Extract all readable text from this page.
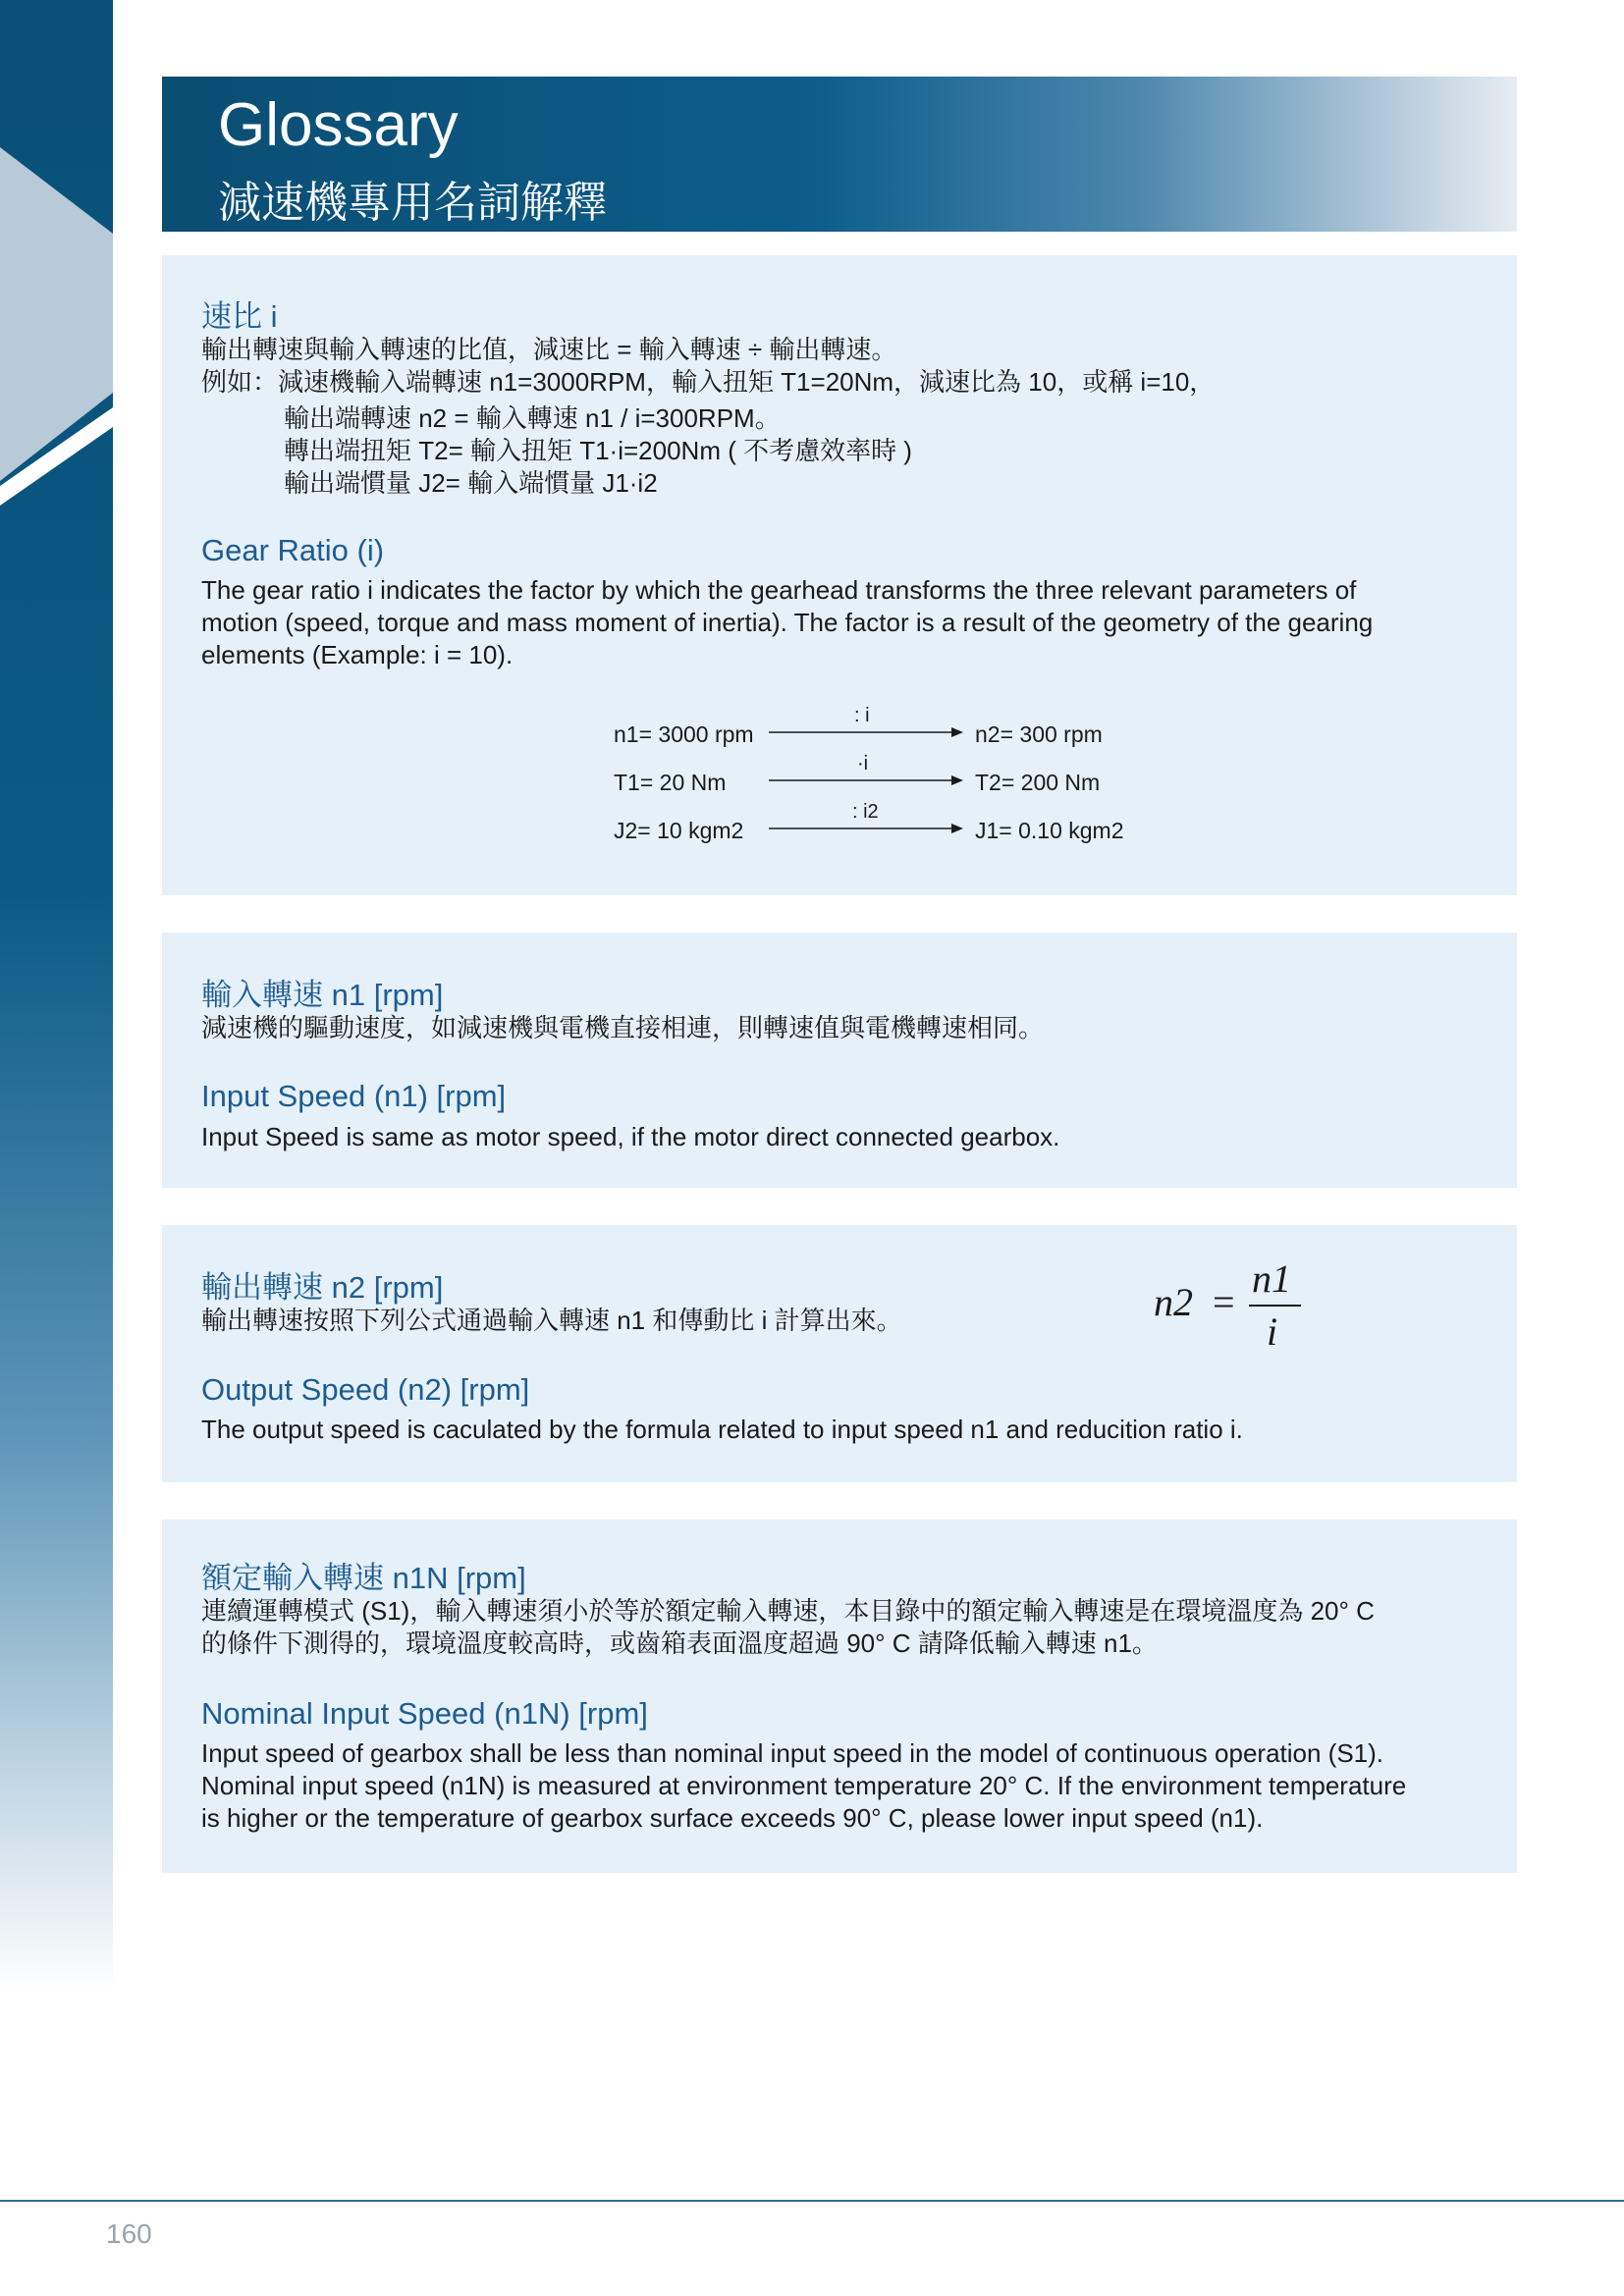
Glossary
減速機專用名詞解釋
速比 i
輸出轉速與輸入轉速的比值，減速比 = 輸入轉速 ÷ 輸出轉速。
例如：減速機輸入端轉速 n1=3000RPM，輸入扭矩 T1=20Nm，減速比為 10，或稱 i=10，
輸出端轉速 n2 = 輸入轉速 n1 / i=300RPM。
轉出端扭矩 T2= 輸入扭矩 T1·i=200Nm ( 不考慮效率時 )
輸出端慣量 J2= 輸入端慣量 J1·i2
Gear Ratio (i)
The gear ratio i indicates the factor by which the gearhead transforms the three relevant parameters of
motion (speed, torque and mass moment of inertia). The factor is a result of the geometry of the gearing
elements (Example: i = 10).
n1= 3000 rpm
: i
n2= 300 rpm
T1= 20 Nm
·i
T2= 200 Nm
J2= 10 kgm2
: i2
J1= 0.10 kgm2
輸入轉速 n1 [rpm]
減速機的驅動速度，如減速機與電機直接相連，則轉速值與電機轉速相同。
Input Speed (n1) [rpm]
Input Speed is same as motor speed, if the motor direct connected gearbox.
輸出轉速 n2 [rpm]
輸出轉速按照下列公式通過輸入轉速 n1 和傳動比 i 計算出來。
Output Speed (n2) [rpm]
The output speed is caculated by the formula related to input speed n1 and reducition ratio i.
n2 =
n1
i
額定輸入轉速 n1N [rpm]
連續運轉模式 (S1)，輸入轉速須小於等於額定輸入轉速，本目錄中的額定輸入轉速是在環境溫度為 20° C
的條件下測得的，環境溫度較高時，或齒箱表面溫度超過 90° C 請降低輸入轉速 n1。
Nominal Input Speed (n1N) [rpm]
Input speed of gearbox shall be less than nominal input speed in the model of continuous operation (S1).
Nominal input speed (n1N) is measured at environment temperature 20° C. If the environment temperature
is higher or the temperature of gearbox surface exceeds 90° C, please lower input speed (n1).
160
